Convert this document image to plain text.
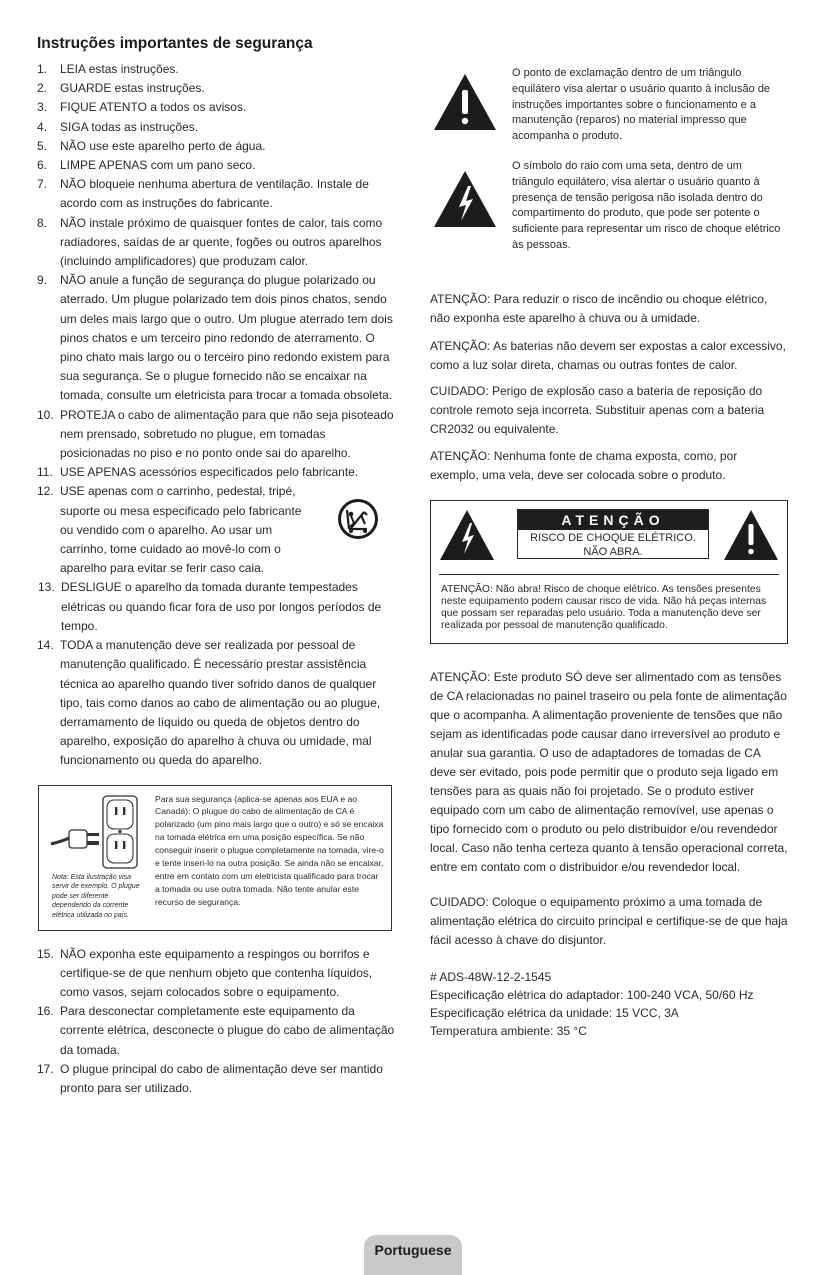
Instruções importantes de segurança
1.	LEIA estas instruções.
2.	GUARDE estas instruções.
3.	FIQUE ATENTO a todos os avisos.
4.	SIGA todas as instruções.
5.	NÃO use este aparelho perto de água.
6.	LIMPE APENAS com um pano seco.
7.	NÃO bloqueie nenhuma abertura de ventilação. Instale de acordo com as instruções do fabricante.
8.	NÃO instale próximo de quaisquer fontes de calor, tais como radiadores, saídas de ar quente, fogões ou outros aparelhos (incluindo amplificadores) que produzam calor.
9.	NÃO anule a função de segurança do plugue polarizado ou aterrado. Um plugue polarizado tem dois pinos chatos, sendo um deles mais largo que o outro. Um plugue aterrado tem dois pinos chatos e um terceiro pino redondo de aterramento. O pino chato mais largo ou o terceiro pino redondo existem para sua segurança. Se o plugue fornecido não se encaixar na tomada, consulte um eletricista para trocar a tomada obsoleta.
10. PROTEJA o cabo de alimentação para que não seja pisoteado nem prensado, sobretudo no plugue, em tomadas posicionadas no piso e no ponto onde sai do aparelho.
11. USE APENAS acessórios especificados pelo fabricante.
12. USE apenas com o carrinho, pedestal, tripé, suporte ou mesa especificado pelo fabricante ou vendido com o aparelho. Ao usar um carrinho, tome cuidado ao movê-lo com o aparelho para evitar se ferir caso caia.
13. DESLIGUE o aparelho da tomada durante tempestades elétricas ou quando ficar fora de uso por longos períodos de tempo.
14. TODA a manutenção deve ser realizada por pessoal de manutenção qualificado. É necessário prestar assistência técnica ao aparelho quando tiver sofrido danos de qualquer tipo, tais como danos ao cabo de alimentação ou ao plugue, derramamento de líquido ou queda de objetos dentro do aparelho, exposição do aparelho à chuva ou umidade, mal funcionamento ou queda do aparelho.
Nota: Esta ilustração visa servir de exemplo. O plugue pode ser diferente dependendo da corrente elétrica utilizada no país.
Para sua segurança (aplica-se apenas aos EUA e ao Canadá): O plugue do cabo de alimentação de CA é polarizado (um pino mais largo que o outro) e só se encaixa na tomada elétrica em uma posição específica. Se não conseguir inserir o plugue completamente na tomada, vire-o e tente inseri-lo na outra posição. Se ainda não se encaixar, entre em contato com um eletricista qualificado para trocar a tomada ou use outra tomada. Não tente anular este recurso de segurança.
15. NÃO exponha este equipamento a respingos ou borrifos e certifique-se de que nenhum objeto que contenha líquidos, como vasos, sejam colocados sobre o equipamento.
16. Para desconectar completamente este equipamento da corrente elétrica, desconecte o plugue do cabo de alimentação da tomada.
17. O plugue principal do cabo de alimentação deve ser mantido pronto para ser utilizado.
O ponto de exclamação dentro de um triângulo equilátero visa alertar o usuário quanto à inclusão de instruções importantes sobre o funcionamento e a manutenção (reparos) no material impresso que acompanha o produto.
O símbolo do raio com uma seta, dentro de um triângulo equilátero, visa alertar o usuário quanto à presença de tensão perigosa não isolada dentro do compartimento do produto, que pode ser potente o suficiente para representar um risco de choque elétrico às pessoas.
ATENÇÃO: Para reduzir o risco de incêndio ou choque elétrico, não exponha este aparelho à chuva ou à umidade.
ATENÇÃO: As baterias não devem ser expostas a calor excessivo, como a luz solar direta, chamas ou outras fontes de calor.
CUIDADO: Perigo de explosão caso a bateria de reposição do controle remoto seja incorreta. Substituir apenas com a bateria CR2032 ou equivalente.
ATENÇÃO: Nenhuma fonte de chama exposta, como, por exemplo, uma vela, deve ser colocada sobre o produto.
ATENÇÃO
RISCO DE CHOQUE ELÉTRICO.
NÃO ABRA.
ATENÇÃO: Não abra! Risco de choque elétrico. As tensões presentes neste equipamento podem causar risco de vida. Não há peças internas que possam ser reparadas pelo usuário. Toda a manutenção deve ser realizada por pessoal de manutenção qualificado.
ATENÇÃO: Este produto SÓ deve ser alimentado com as tensões de CA relacionadas no painel traseiro ou pela fonte de alimentação que o acompanha. A alimentação proveniente de tensões que não sejam as identificadas pode causar dano irreversível ao produto e anular sua garantia. O uso de adaptadores de tomadas de CA deve ser evitado, pois pode permitir que o produto seja ligado em tensões para as quais não foi projetado. Se o produto estiver equipado com um cabo de alimentação removível, use apenas o tipo fornecido com o produto ou pelo distribuidor e/ou revendedor local. Caso não tenha certeza quanto à tensão operacional correta, entre em contato com o distribuidor e/ou revendedor local.
CUIDADO: Coloque o equipamento próximo a uma tomada de alimentação elétrica do circuito principal e certifique-se de que haja fácil acesso à chave do disjuntor.
# ADS-48W-12-2-1545
Especificação elétrica do adaptador: 100-240 VCA, 50/60 Hz
Especificação elétrica da unidade: 15 VCC, 3A
Temperatura ambiente: 35 °C
Portuguese
